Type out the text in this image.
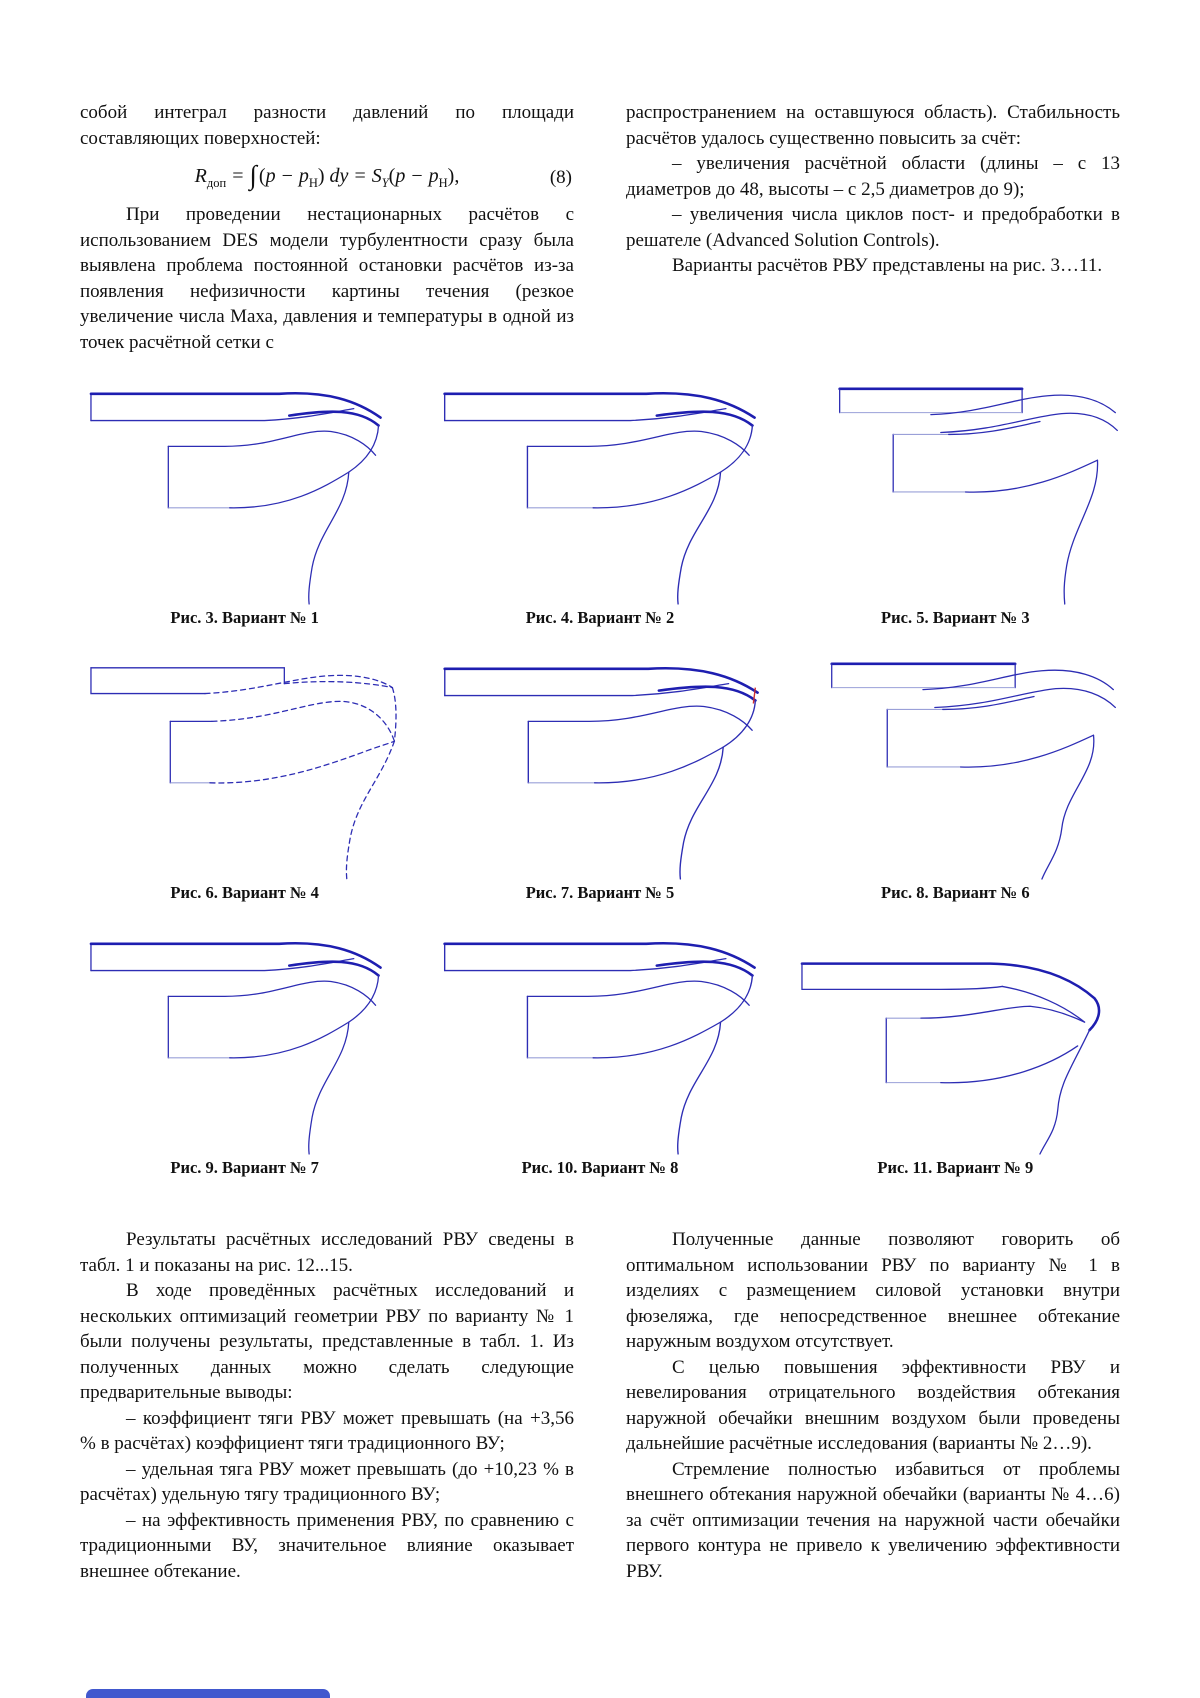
собой интеграл разности давлений по площади составляющих поверхностей:

$R_{доп}$ = ∫ $(p - p_Н)$ dy = $S_Y(p - p_Н)$,	(8)

При проведении нестационарных расчётов с использованием DES модели турбулентности сразу была выявлена проблема постоянной остановки расчётов из-за появления нефизичности картины течения (резкое увеличение числа Маха, давления и температуры в одной из точек расчётной сетки с

распространением на оставшуюся область). Стабильность расчётов удалось существенно повысить за счёт:

– увеличения расчётной области (длины – с 13 диаметров до 48, высоты – с 2,5 диаметров до 9);

– увеличения числа циклов пост- и предобработки в решателе (Advanced Solution Controls).

Варианты расчётов РВУ представлены на рис. 3…11.

Рис. 3. Вариант № 1	Рис. 4. Вариант № 2	Рис. 5. Вариант № 3
Рис. 6. Вариант № 4	Рис. 7. Вариант № 5	Рис. 8. Вариант № 6
Рис. 9. Вариант № 7	Рис. 10. Вариант № 8	Рис. 11. Вариант № 9

Результаты расчётных исследований РВУ сведены в табл. 1 и показаны на рис. 12...15.

В ходе проведённых расчётных исследований и нескольких оптимизаций геометрии РВУ по варианту № 1 были получены результаты, представленные в табл. 1. Из полученных данных можно сделать следующие предварительные выводы:

– коэффициент тяги РВУ может превышать (на +3,56 % в расчётах) коэффициент тяги традиционного ВУ;

– удельная тяга РВУ может превышать (до +10,23 % в расчётах) удельную тягу традиционного ВУ;

– на эффективность применения РВУ, по сравнению с традиционными ВУ, значительное влияние оказывает внешнее обтекание.

Полученные данные позволяют говорить об оптимальном использовании РВУ по варианту № 1 в изделиях с размещением силовой установки внутри фюзеляжа, где непосредственное внешнее обтекание наружным воздухом отсутствует.

С целью повышения эффективности РВУ и невелирования отрицательного воздействия обтекания наружной обечайки внешним воздухом были проведены дальнейшие расчётные исследования (варианты № 2…9).

Стремление полностью избавиться от проблемы внешнего обтекания наружной обечайки (варианты № 4…6) за счёт оптимизации течения на наружной части обечайки первого контура не привело к увеличению эффективности РВУ.
